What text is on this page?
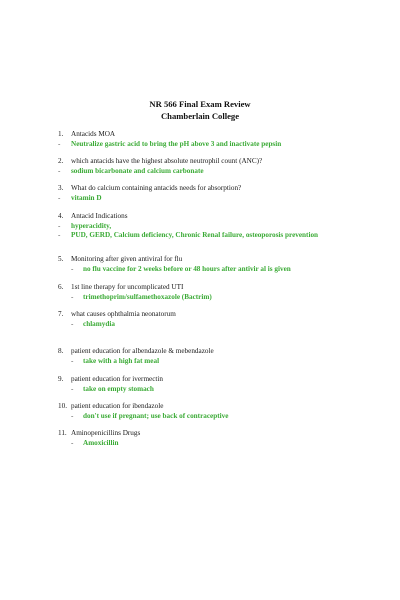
NR 566 Final Exam Review
Chamberlain College
1. Antacids MOA
- Neutralize gastric acid to bring the pH above 3 and inactivate pepsin
2. which antacids have the highest absolute neutrophil count (ANC)?
- sodium bicarbonate and calcium carbonate
3. What do calcium containing antacids needs for absorption?
- vitamin D
4. Antacid Indications
- hyperacidity,
- PUD, GERD, Calcium deficiency, Chronic Renal failure, osteoporosis prevention
5. Monitoring after given antiviral for flu
- no flu vaccine for 2 weeks before or 48 hours after antivir al is given
6. 1st line therapy for uncomplicated UTI
- trimethoprim/sulfamethoxazole (Bactrim)
7. what causes ophthalmia neonatorum
- chlamydia
8. patient education for albendazole & mebendazole
- take with a high fat meal
9. patient education for ivermectin
- take on empty stomach
10. patient education for ibendazole
- don't use if pregnant; use back of contraceptive
11. Aminopenicillins Drugs
- Amoxicillin
